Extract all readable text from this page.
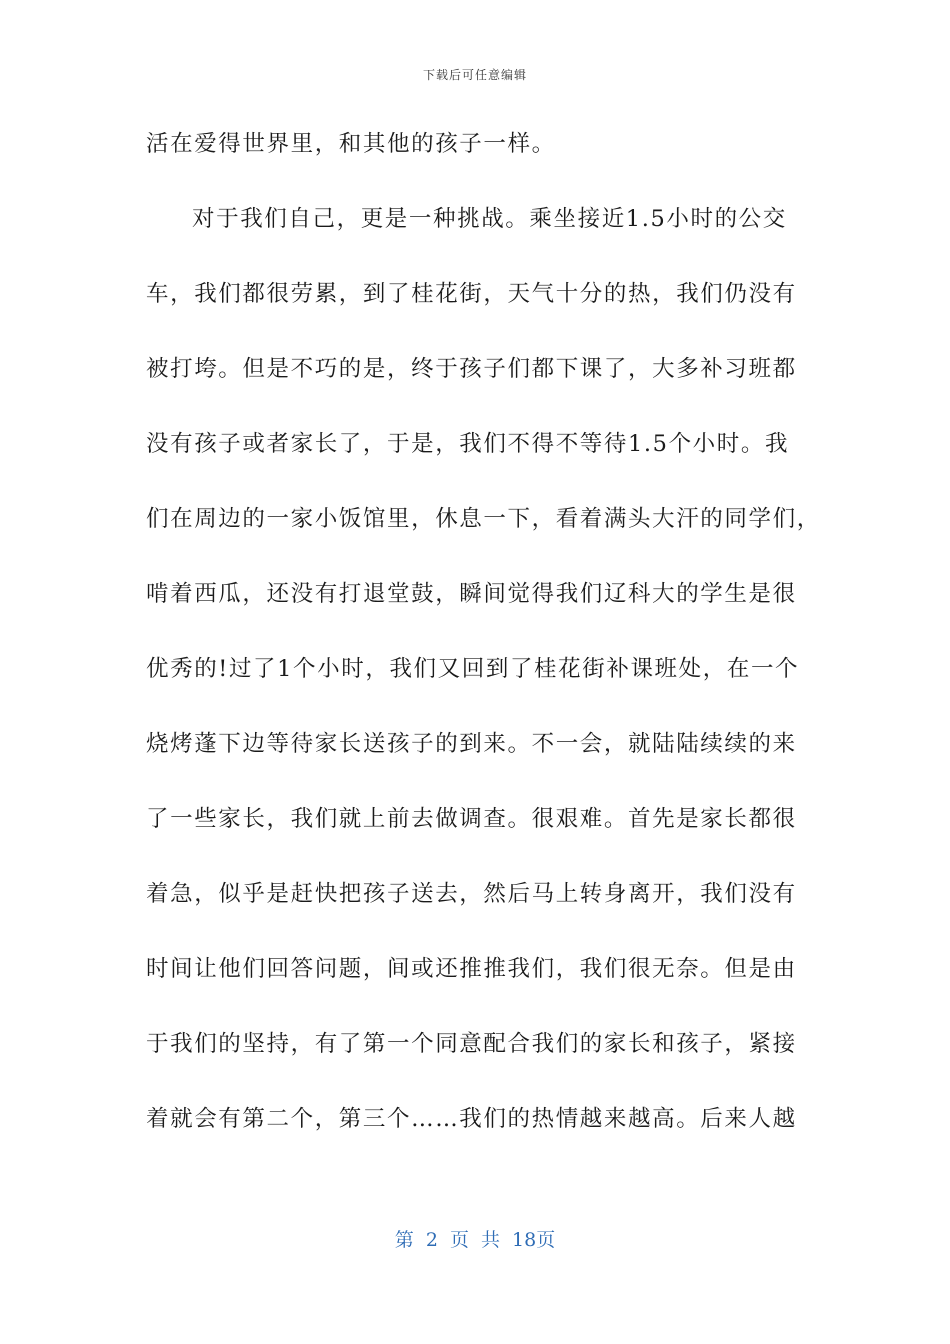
下载后可任意编辑
活在爱得世界里，和其他的孩子一样。
对于我们自己，更是一种挑战。乘坐接近1.5小时的公交
车，我们都很劳累，到了桂花街，天气十分的热，我们仍没有
被打垮。但是不巧的是，终于孩子们都下课了，大多补习班都
没有孩子或者家长了，于是，我们不得不等待1.5个小时。我
们在周边的一家小饭馆里，休息一下，看着满头大汗的同学们，
啃着西瓜，还没有打退堂鼓，瞬间觉得我们辽科大的学生是很
优秀的!过了1个小时，我们又回到了桂花街补课班处，在一个
烧烤蓬下边等待家长送孩子的到来。不一会，就陆陆续续的来
了一些家长，我们就上前去做调查。很艰难。首先是家长都很
着急，似乎是赶快把孩子送去，然后马上转身离开，我们没有
时间让他们回答问题，间或还推推我们，我们很无奈。但是由
于我们的坚持，有了第一个同意配合我们的家长和孩子，紧接
着就会有第二个，第三个……我们的热情越来越高。后来人越
第 2 页 共 18页
